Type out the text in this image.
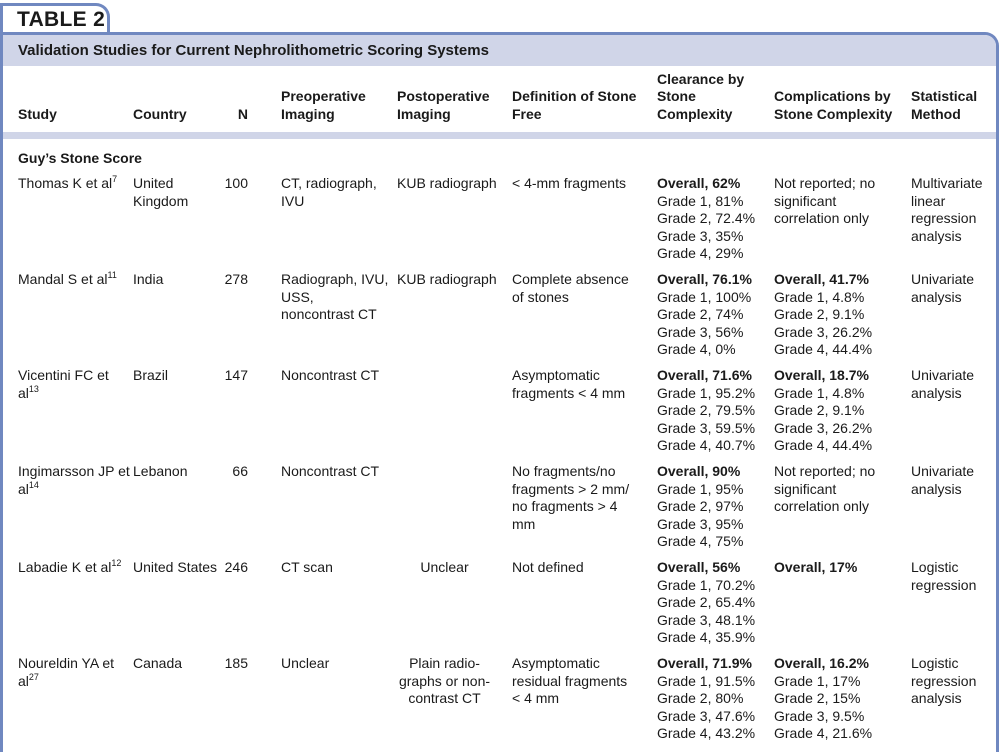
TABLE 2
Validation Studies for Current Nephrolithometric Scoring Systems
Study	Country	N	Preoperative Imaging	Postoperative Imaging	Definition of Stone Free	Clearance by Stone Complexity	Complications by Stone Complexity	Statistical Method

Guy’s Stone Score								
Thomas K et $al^7$	United Kingdom	100	CT, radiograph, IVU	KUB radiograph	< 4-mm fragments	Overall, 62%
Grade 1, 81%
Grade 2, 72.4%
Grade 3, 35%
Grade 4, 29%	Not reported; no significant correlation only	Multivariate linear regression analysis
Mandal S et $al^{11}$	India	278	Radiograph, IVU, USS, noncontrast CT	KUB radiograph	Complete absence of stones	Overall, 76.1%
Grade 1, 100%
Grade 2, 74%
Grade 3, 56%
Grade 4, 0%	Overall, 41.7%
Grade 1, 4.8%
Grade 2, 9.1%
Grade 3, 26.2%
Grade 4, 44.4%	Univariate analysis
Vicentini FC et $al^{13}$	Brazil	147	Noncontrast CT		Asymptomatic fragments < 4 mm	Overall, 71.6%
Grade 1, 95.2%
Grade 2, 79.5%
Grade 3, 59.5%
Grade 4, 40.7%	Overall, 18.7%
Grade 1, 4.8%
Grade 2, 9.1%
Grade 3, 26.2%
Grade 4, 44.4%	Univariate analysis
Ingimarsson JP et $al^{14}$	Lebanon	66	Noncontrast CT		No fragments/no fragments > 2 mm/ no fragments > 4 mm	Overall, 90%
Grade 1, 95%
Grade 2, 97%
Grade 3, 95%
Grade 4, 75%	Not reported; no significant correlation only	Univariate analysis
Labadie K et $al^{12}$	United States	246	CT scan	Unclear	Not defined	Overall, 56%
Grade 1, 70.2%
Grade 2, 65.4%
Grade 3, 48.1%
Grade 4, 35.9%	Overall, 17%	Logistic regression
Noureldin YA et $al^{27}$	Canada	185	Unclear	Plain radio-graphs or non-contrast CT	Asymptomatic residual fragments < 4 mm	Overall, 71.9%
Grade 1, 91.5%
Grade 2, 80%
Grade 3, 47.6%
Grade 4, 43.2%	Overall, 16.2%
Grade 1, 17%
Grade 2, 15%
Grade 3, 9.5%
Grade 4, 21.6%	Logistic regression analysis
